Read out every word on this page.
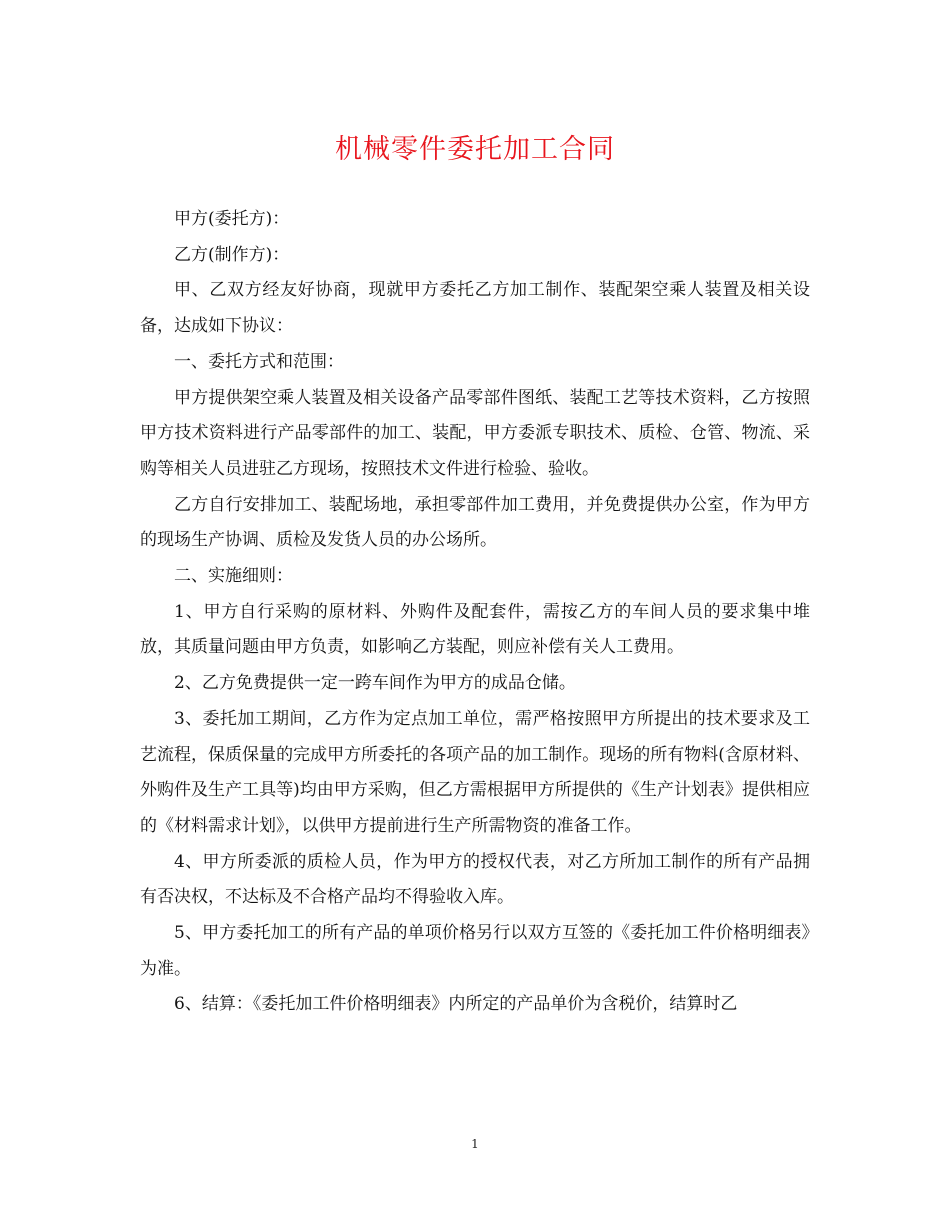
机械零件委托加工合同

甲方(委托方)：

乙方(制作方)：

甲、乙双方经友好协商，现就甲方委托乙方加工制作、装配架空乘人装置及相关设备，达成如下协议：

一、委托方式和范围：

甲方提供架空乘人装置及相关设备产品零部件图纸、装配工艺等技术资料，乙方按照甲方技术资料进行产品零部件的加工、装配，甲方委派专职技术、质检、仓管、物流、采购等相关人员进驻乙方现场，按照技术文件进行检验、验收。

乙方自行安排加工、装配场地，承担零部件加工费用，并免费提供办公室，作为甲方的现场生产协调、质检及发货人员的办公场所。

二、实施细则：

1、甲方自行采购的原材料、外购件及配套件，需按乙方的车间人员的要求集中堆放，其质量问题由甲方负责，如影响乙方装配，则应补偿有关人工费用。

2、乙方免费提供一定一跨车间作为甲方的成品仓储。

3、委托加工期间，乙方作为定点加工单位，需严格按照甲方所提出的技术要求及工艺流程，保质保量的完成甲方所委托的各项产品的加工制作。现场的所有物料(含原材料、外购件及生产工具等)均由甲方采购，但乙方需根据甲方所提供的《生产计划表》提供相应的《材料需求计划》，以供甲方提前进行生产所需物资的准备工作。

4、甲方所委派的质检人员，作为甲方的授权代表，对乙方所加工制作的所有产品拥有否决权，不达标及不合格产品均不得验收入库。

5、甲方委托加工的所有产品的单项价格另行以双方互签的《委托加工件价格明细表》为准。

6、结算：《委托加工件价格明细表》内所定的产品单价为含税价，结算时乙

1
